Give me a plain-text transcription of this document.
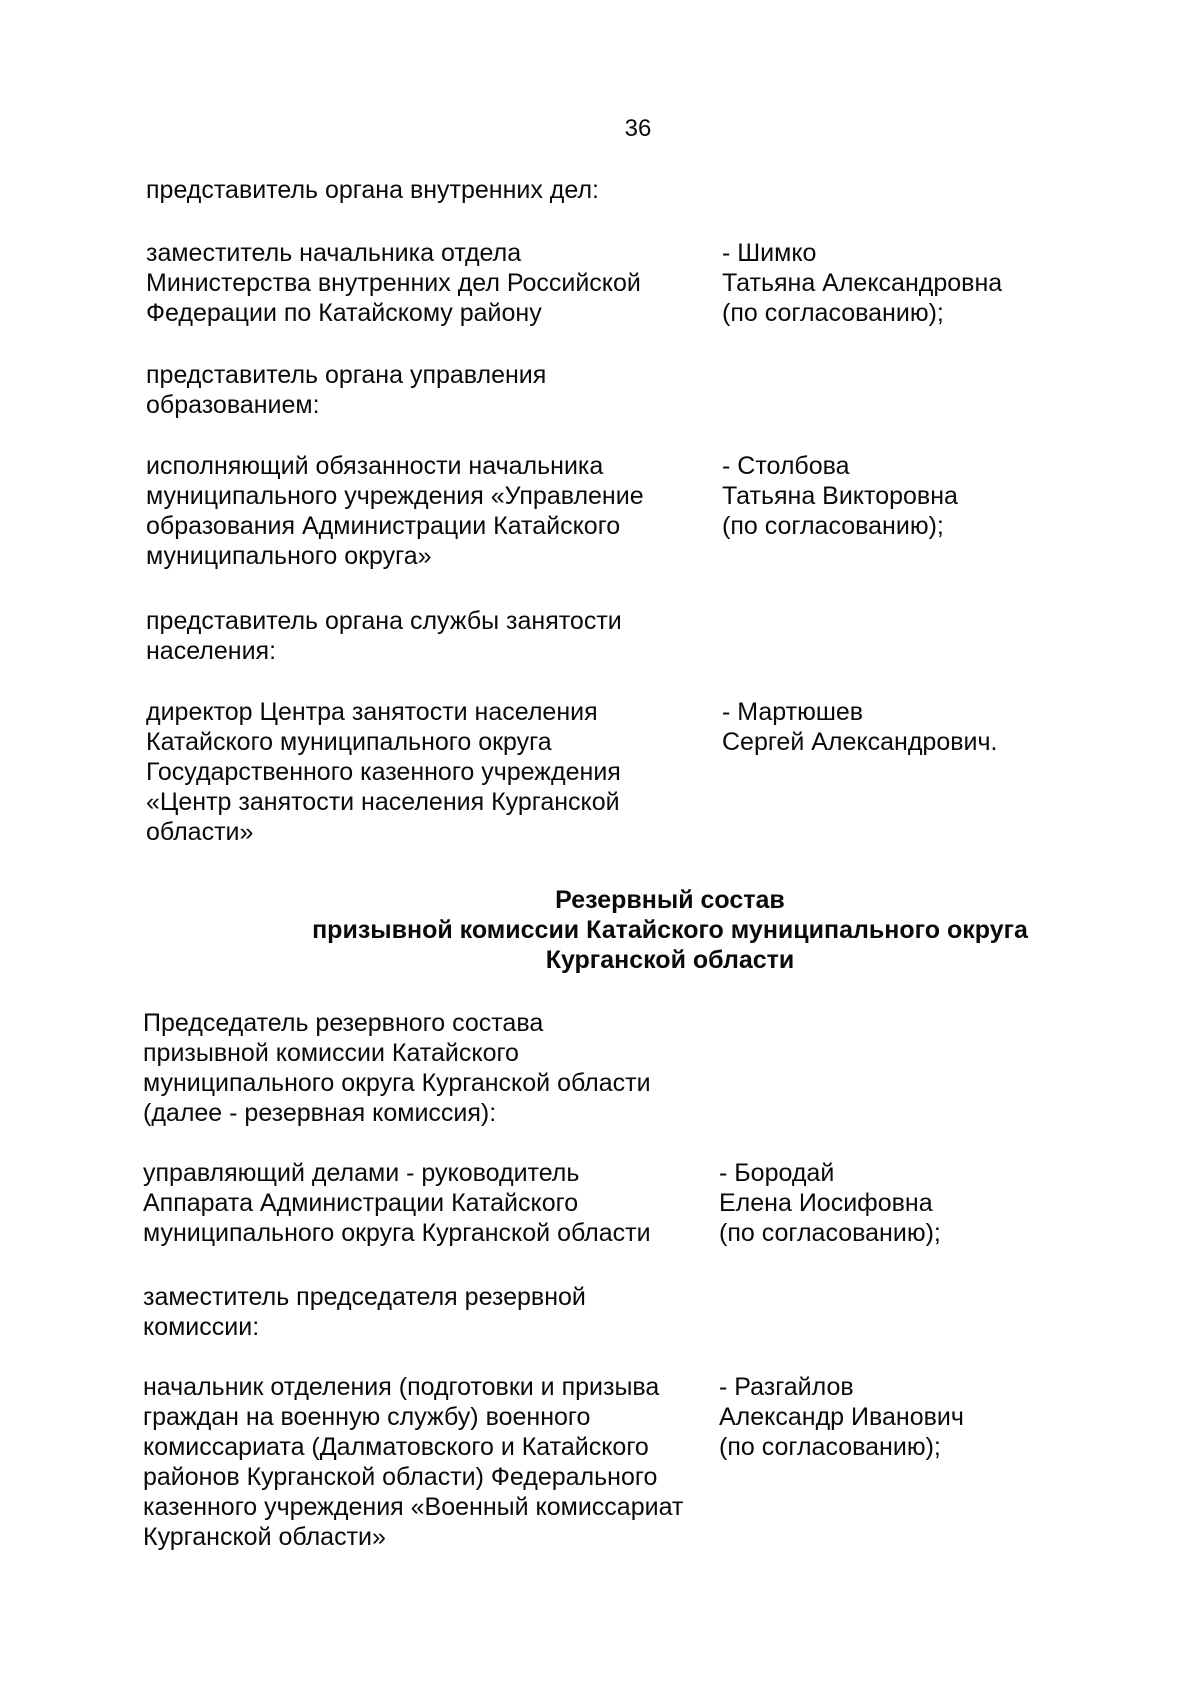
36
представитель органа внутренних дел:
заместитель начальника отдела
Министерства внутренних дел Российской
Федерации по Катайскому району
- Шимко
Татьяна Александровна
(по согласованию);
представитель органа управления
образованием:
исполняющий обязанности начальника
муниципального учреждения «Управление
образования Администрации Катайского
муниципального округа»
- Столбова
Татьяна Викторовна
(по согласованию);
представитель органа службы занятости
населения:
директор Центра занятости населения
Катайского муниципального округа
Государственного казенного учреждения
«Центр занятости населения Курганской
области»
- Мартюшев
Сергей Александрович.
Резервный состав
призывной комиссии Катайского муниципального округа
Курганской области
Председатель резервного состава
призывной комиссии Катайского
муниципального округа Курганской области
(далее - резервная комиссия):
управляющий делами - руководитель
Аппарата Администрации Катайского
муниципального округа Курганской области
- Бородай
Елена Иосифовна
(по согласованию);
заместитель председателя резервной
комиссии:
начальник отделения (подготовки и призыва
граждан на военную службу) военного
комиссариата (Далматовского и Катайского
районов Курганской области) Федерального
казенного учреждения «Военный комиссариат
Курганской области»
- Разгайлов
Александр Иванович
(по согласованию);
